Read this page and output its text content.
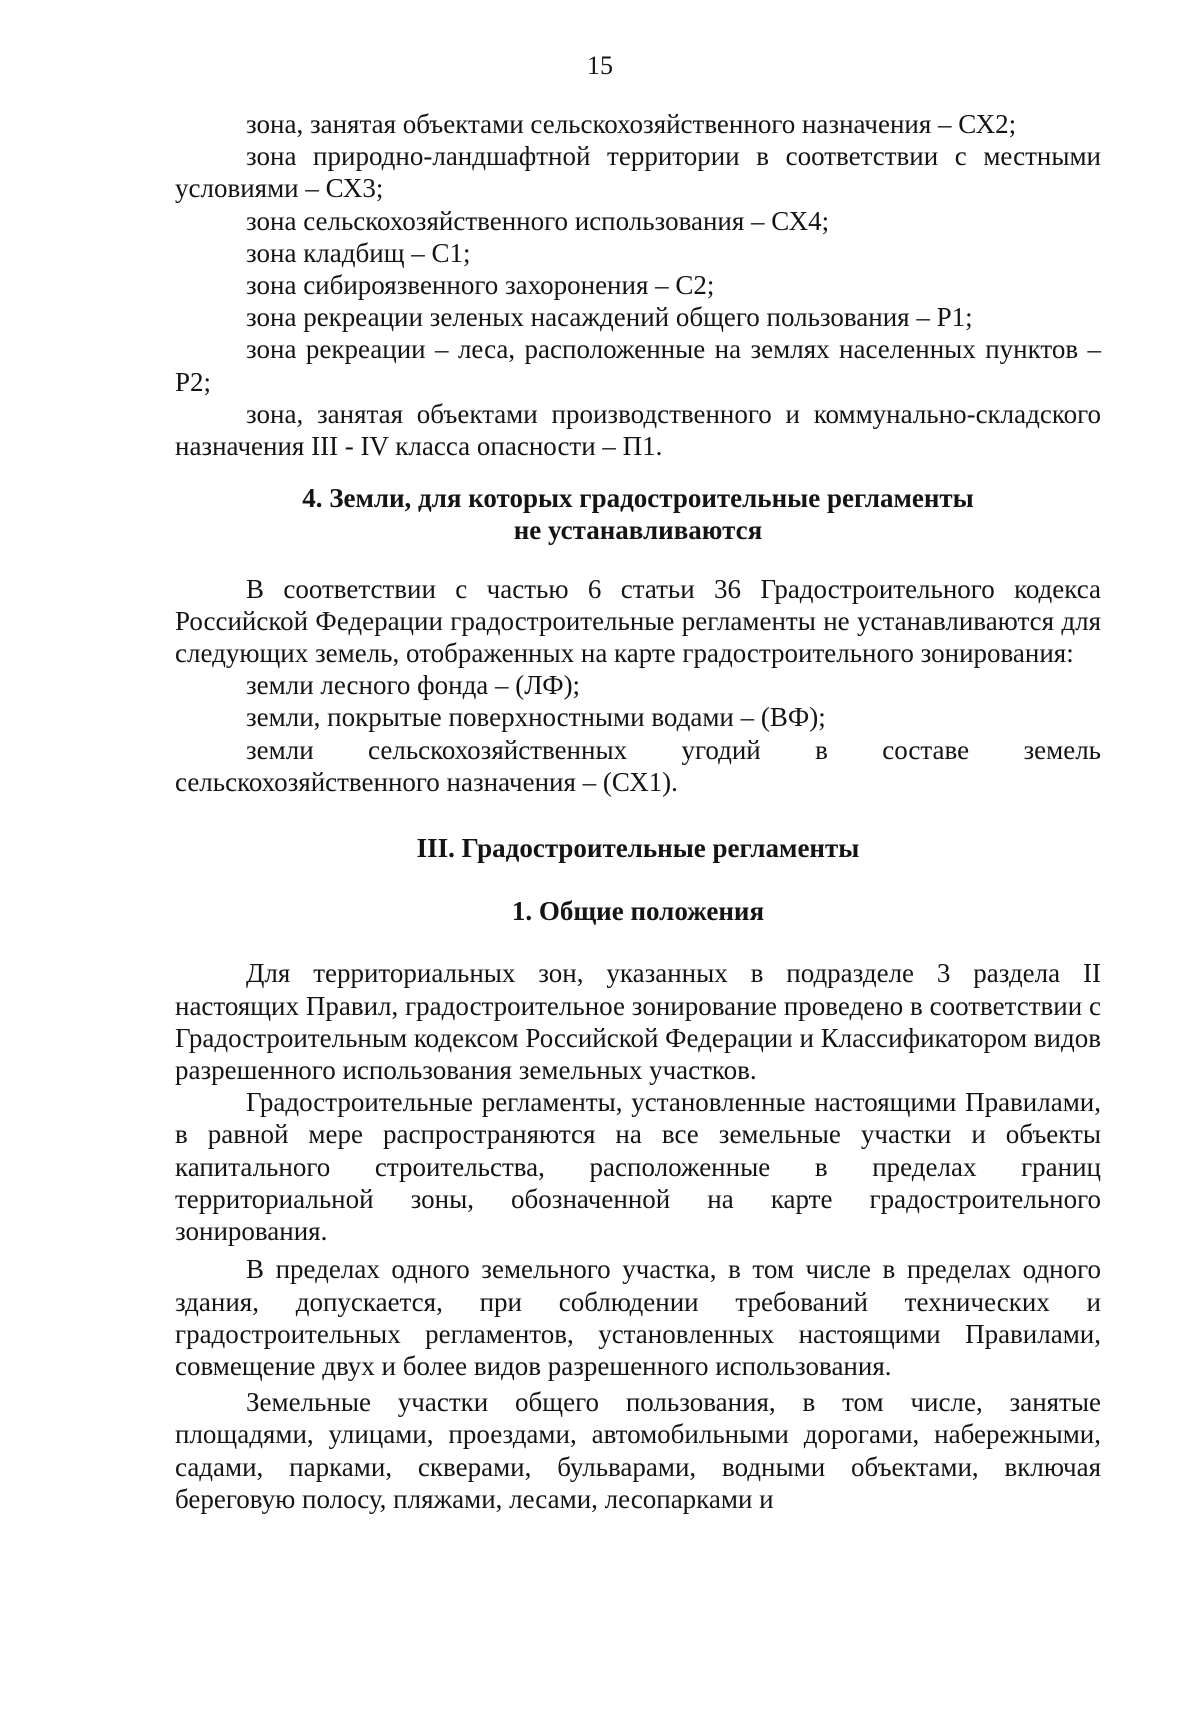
15

зона, занятая объектами сельскохозяйственного назначения – СХ2;

зона природно-ландшафтной территории в соответствии с местными условиями – СХ3;

зона сельскохозяйственного использования – СХ4;

зона кладбищ – С1;

зона сибироязвенного захоронения – С2;

зона рекреации зеленых насаждений общего пользования – Р1;

зона рекреации – леса, расположенные на землях населенных пунктов – Р2;

зона, занятая объектами производственного и коммунально-складского назначения III - IV класса опасности – П1.

4. Земли, для которых градостроительные регламенты
не устанавливаются

В соответствии с частью 6 статьи 36 Градостроительного кодекса Российской Федерации градостроительные регламенты не устанавливаются для следующих земель, отображенных на карте градостроительного зонирования:

земли лесного фонда – (ЛФ);

земли, покрытые поверхностными водами – (ВФ);

земли сельскохозяйственных угодий в составе земель сельскохозяйственного назначения – (СХ1).

III. Градостроительные регламенты

1. Общие положения

Для территориальных зон, указанных в подразделе 3 раздела II настоящих Правил, градостроительное зонирование проведено в соответствии с Градостроительным кодексом Российской Федерации и Классификатором видов разрешенного использования земельных участков.

Градостроительные регламенты, установленные настоящими Правилами, в равной мере распространяются на все земельные участки и объекты капитального строительства, расположенные в пределах границ территориальной зоны, обозначенной на карте градостроительного зонирования.

В пределах одного земельного участка, в том числе в пределах одного здания, допускается, при соблюдении требований технических и градостроительных регламентов, установленных настоящими Правилами, совмещение двух и более видов разрешенного использования.

Земельные участки общего пользования, в том числе, занятые площадями, улицами, проездами, автомобильными дорогами, набережными, садами, парками, скверами, бульварами, водными объектами, включая береговую полосу, пляжами, лесами, лесопарками и
